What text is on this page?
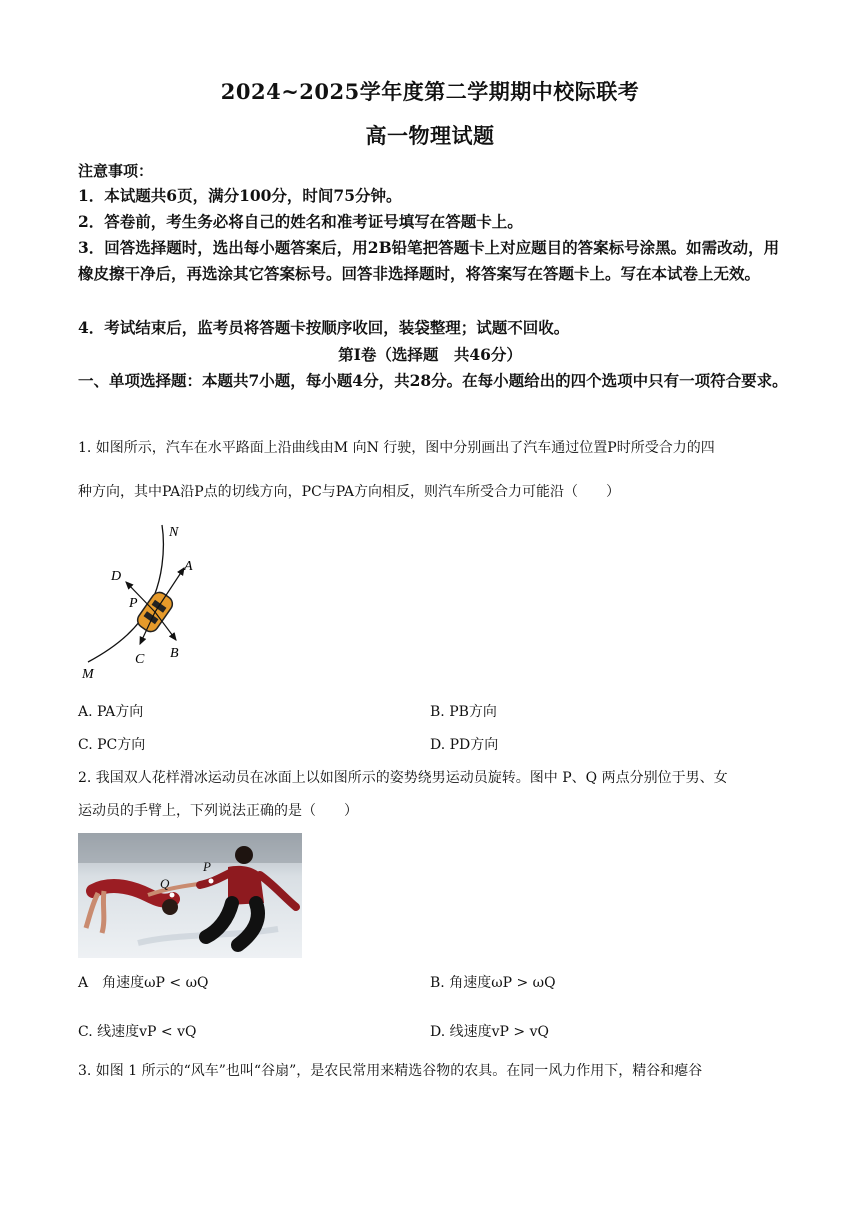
2024~2025学年度第二学期期中校际联考
高一物理试题
注意事项：
1．本试题共6页，满分100分，时间75分钟。
2．答卷前，考生务必将自己的姓名和准考证号填写在答题卡上。
3．回答选择题时，选出每小题答案后，用2B铅笔把答题卡上对应题目的答案标号涂黑。如需改动，用橡皮擦干净后，再选涂其它答案标号。回答非选择题时，将答案写在答题卡上。写在本试卷上无效。
4．考试结束后，监考员将答题卡按顺序收回，装袋整理；试题不回收。
第Ⅰ卷（选择题　共46分）
一、单项选择题：本题共7小题，每小题4分，共28分。在每小题给出的四个选项中只有一项符合要求。
1. 如图所示，汽车在水平路面上沿曲线由M 向N 行驶，图中分别画出了汽车通过位置P时所受合力的四
种方向，其中PA沿P点的切线方向，PC与PA方向相反，则汽车所受合力可能沿（　　）
N
A
D
P
C B
M
A. PA方向	B. PB方向
C. PC方向	D. PD方向
2. 我国双人花样滑冰运动员在冰面上以如图所示的姿势绕男运动员旋转。图中 P、Q 两点分别位于男、女
运动员的手臂上，下列说法正确的是（　　）
Q
P
A　角速度ωP < ωQ	B. 角速度ωP > ωQ
C. 线速度vP < vQ	D. 线速度vP > vQ
3. 如图 1 所示的“风车”也叫“谷扇”，是农民常用来精选谷物的农具。在同一风力作用下，精谷和瘪谷
